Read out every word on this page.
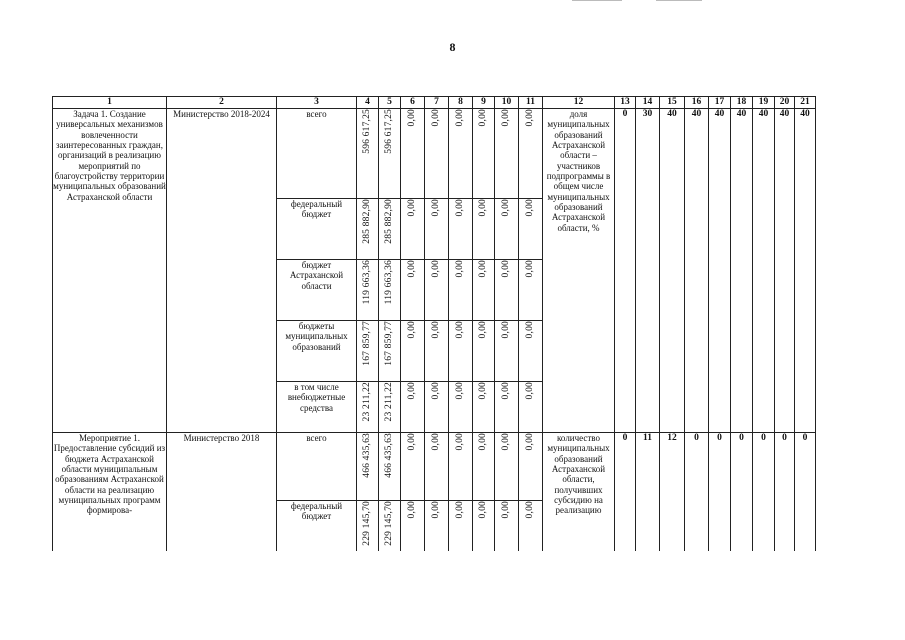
8
1	2	3	4	5	6	7	8	9	10	11	12	13	14	15	16	17	18	19	20	21
Задача 1. Создание универсальных механизмов вовлеченности заинтересованных граждан, организаций в реализацию мероприятий по благоустройству территории муниципальных образований Астраханской области	Министерство 2018-2024	всего	596 617,25	596 617,25	0,00	0,00	0,00	0,00	0,00	0,00	доля муниципальных образований Астраханской области – участников подпрограммы в общем числе муниципальных образований Астраханской области, %	0	30	40	40	40	40	40	40	40
		федеральный бюджет	285 882,90	285 882,90	0,00	0,00	0,00	0,00	0,00	0,00										
		бюджет Астраханской области	119 663,36	119 663,36	0,00	0,00	0,00	0,00	0,00	0,00										
		бюджеты муниципальных образований	167 859,77	167 859,77	0,00	0,00	0,00	0,00	0,00	0,00										
		в том числе внебюджетные средства	23 211,22	23 211,22	0,00	0,00	0,00	0,00	0,00	0,00										
Мероприятие 1. Предоставление субсидий из бюджета Астраханской области муниципальным образованиям Астраханской области на реализацию муниципальных программ формирова-	Министерство 2018	всего	466 435,63	466 435,63	0,00	0,00	0,00	0,00	0,00	0,00	количество муниципальных образований Астраханской области, получивших субсидию на реализацию	0	11	12	0	0	0	0	0	0
		федеральный бюджет	229 145,70	229 145,70	0,00	0,00	0,00	0,00	0,00	0,00										
